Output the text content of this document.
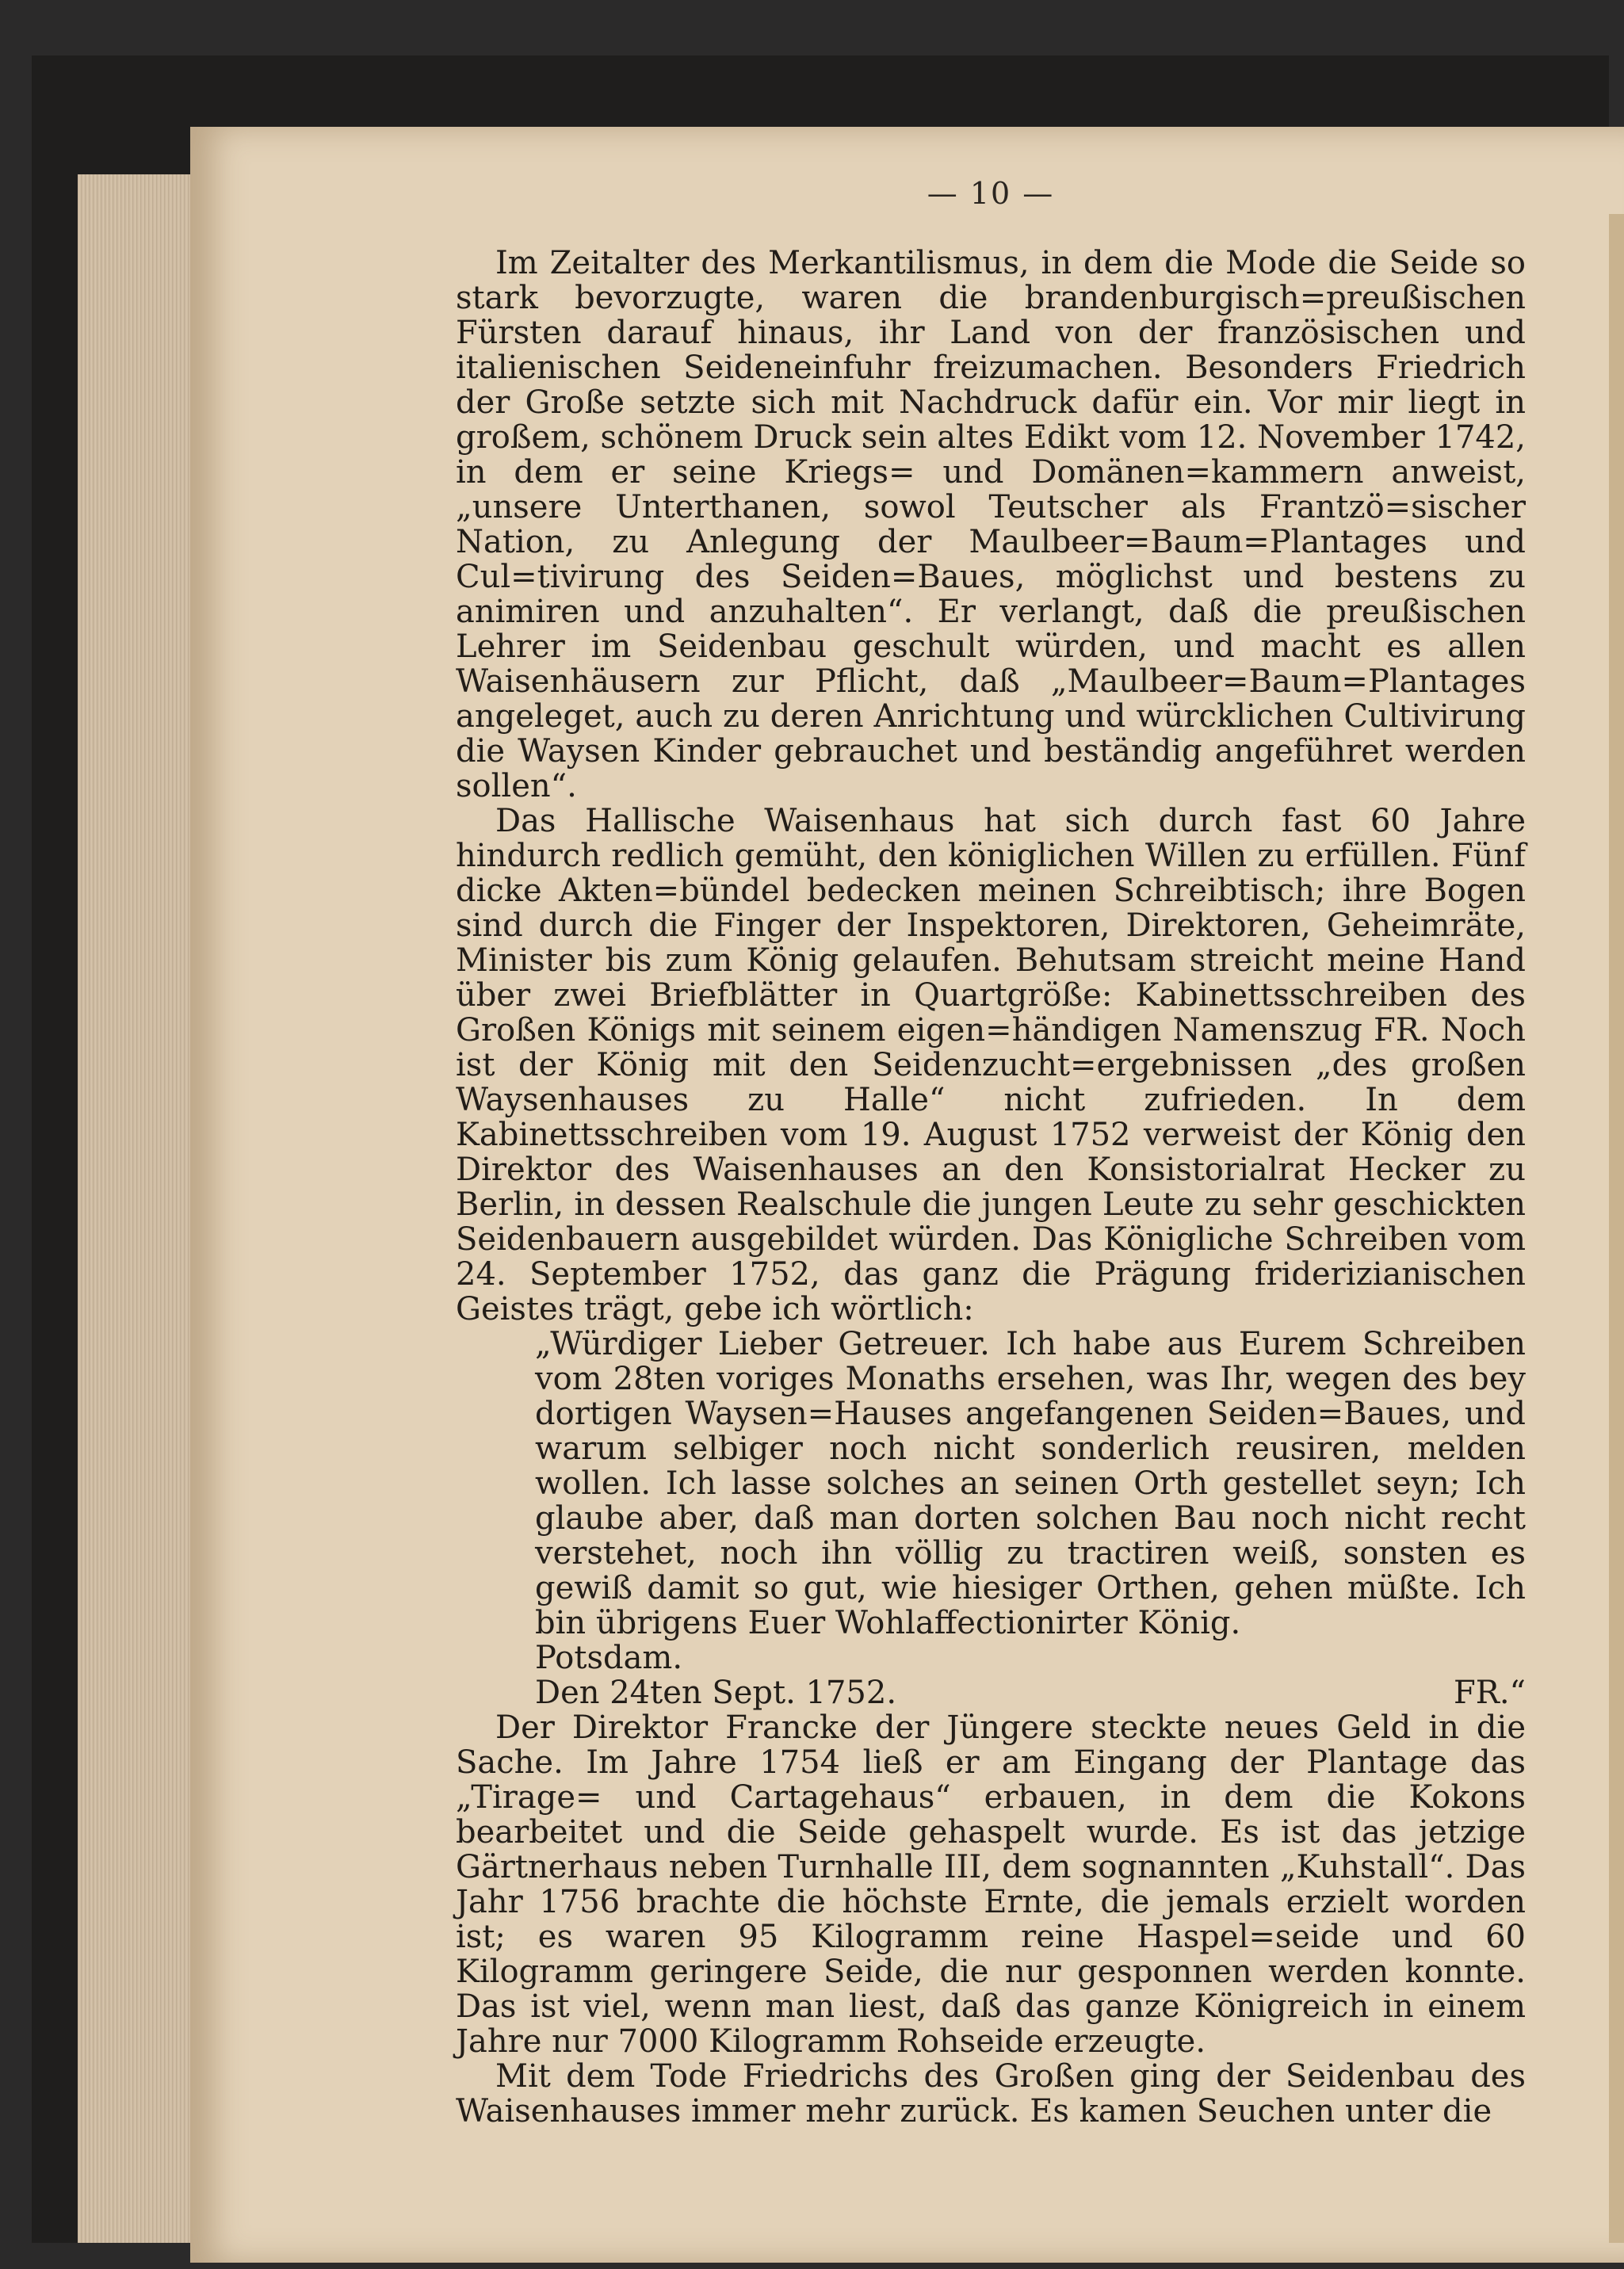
— 10 —

Im Zeitalter des Merkantilismus, in dem die Mode die Seide so stark bevorzugte, waren die brandenburgisch=preußischen Fürsten darauf hinaus, ihr Land von der französischen und italienischen Seideneinfuhr freizumachen. Besonders Friedrich der Große setzte sich mit Nachdruck dafür ein. Vor mir liegt in großem, schönem Druck sein altes Edikt vom 12. November 1742, in dem er seine Kriegs= und Domänen=kammern anweist, „unsere Unterthanen, sowol Teutscher als Frantzö=sischer Nation, zu Anlegung der Maulbeer=Baum=Plantages und Cul=tivirung des Seiden=Baues, möglichst und bestens zu animiren und anzuhalten“. Er verlangt, daß die preußischen Lehrer im Seidenbau geschult würden, und macht es allen Waisenhäusern zur Pflicht, daß „Maulbeer=Baum=Plantages angeleget, auch zu deren Anrichtung und würcklichen Cultivirung die Waysen Kinder gebrauchet und beständig angeführet werden sollen“.

Das Hallische Waisenhaus hat sich durch fast 60 Jahre hindurch redlich gemüht, den königlichen Willen zu erfüllen. Fünf dicke Akten=bündel bedecken meinen Schreibtisch; ihre Bogen sind durch die Finger der Inspektoren, Direktoren, Geheimräte, Minister bis zum König gelaufen. Behutsam streicht meine Hand über zwei Briefblätter in Quartgröße: Kabinettsschreiben des Großen Königs mit seinem eigen=händigen Namenszug FR. Noch ist der König mit den Seidenzucht=ergebnissen „des großen Waysenhauses zu Halle“ nicht zufrieden. In dem Kabinettsschreiben vom 19. August 1752 verweist der König den Direktor des Waisenhauses an den Konsistorialrat Hecker zu Berlin, in dessen Realschule die jungen Leute zu sehr geschickten Seidenbauern ausgebildet würden. Das Königliche Schreiben vom 24. September 1752, das ganz die Prägung friderizianischen Geistes trägt, gebe ich wörtlich:

„Würdiger Lieber Getreuer. Ich habe aus Eurem Schreiben vom 28ten voriges Monaths ersehen, was Ihr, wegen des bey dortigen Waysen=Hauses angefangenen Seiden=Baues, und warum selbiger noch nicht sonderlich reusiren, melden wollen. Ich lasse solches an seinen Orth gestellet seyn; Ich glaube aber, daß man dorten solchen Bau noch nicht recht verstehet, noch ihn völlig zu tractiren weiß, sonsten es gewiß damit so gut, wie hiesiger Orthen, gehen müßte. Ich bin übrigens Euer Wohlaffectionirter König.

Potsdam.

Den 24ten Sept. 1752.	FR.“

Der Direktor Francke der Jüngere steckte neues Geld in die Sache. Im Jahre 1754 ließ er am Eingang der Plantage das „Tirage= und Cartagehaus“ erbauen, in dem die Kokons bearbeitet und die Seide gehaspelt wurde. Es ist das jetzige Gärtnerhaus neben Turnhalle III, dem sognannten „Kuhstall“. Das Jahr 1756 brachte die höchste Ernte, die jemals erzielt worden ist; es waren 95 Kilogramm reine Haspel=seide und 60 Kilogramm geringere Seide, die nur gesponnen werden konnte. Das ist viel, wenn man liest, daß das ganze Königreich in einem Jahre nur 7000 Kilogramm Rohseide erzeugte.

Mit dem Tode Friedrichs des Großen ging der Seidenbau des Waisenhauses immer mehr zurück. Es kamen Seuchen unter die
